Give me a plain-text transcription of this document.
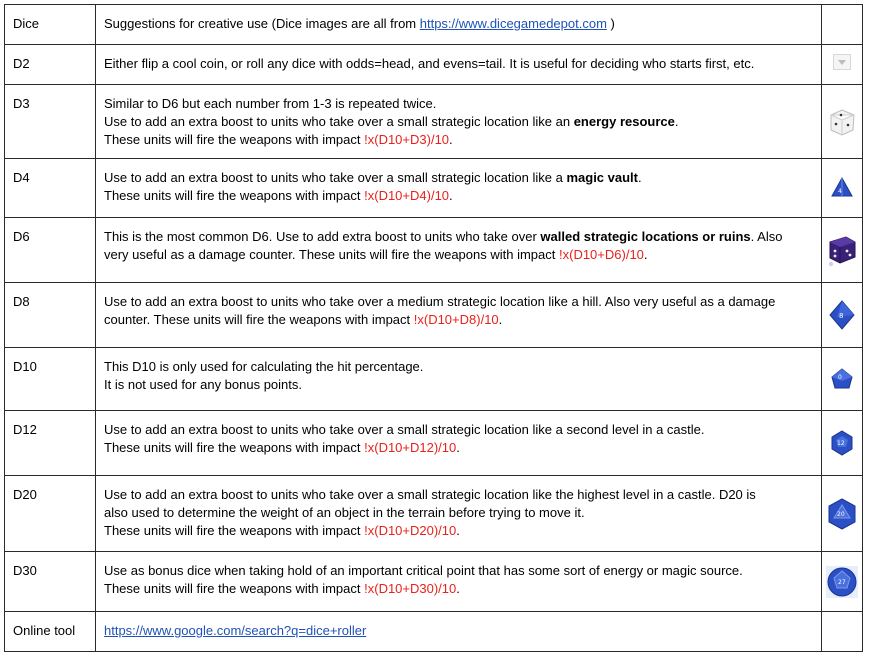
Dice	Suggestions for creative use (Dice images are all from https://www.dicegamedepot.com )	
D2	Either flip a cool coin, or roll any dice with odds=head, and evens=tail. It is useful for deciding who starts first, etc.	
D3	Similar to D6 but each number from 1-3 is repeated twice.
Use to add an extra boost to units who take over a small strategic location like an energy resource.
These units will fire the weapons with impact !x(D10+D3)/10.

D4	Use to add an extra boost to units who take over a small strategic location like a magic vault.
These units will fire the weapons with impact !x(D10+D4)/10.	4

D6	This is the most common D6. Use to add extra boost to units who take over walled strategic locations or ruins. Also
very useful as a damage counter. These units will fire the weapons with impact !x(D10+D6)/10.

D8	Use to add an extra boost to units who take over a medium strategic location like a hill. Also very useful as a damage
counter. These units will fire the weapons with impact !x(D10+D8)/10.	8

D10	This D10 is only used for calculating the hit percentage.
It is not used for any bonus points.	0

D12	Use to add an extra boost to units who take over a small strategic location like a second level in a castle.
These units will fire the weapons with impact !x(D10+D12)/10.	12

D20	Use to add an extra boost to units who take over a small strategic location like the highest level in a castle. D20 is
also used to determine the weight of an object in the terrain before trying to move it.
These units will fire the weapons with impact !x(D10+D20)/10.	20

D30	Use as bonus dice when taking hold of an important critical point that has some sort of energy or magic source.
These units will fire the weapons with impact !x(D10+D30)/10.	27

Online tool	https://www.google.com/search?q=dice+roller	
